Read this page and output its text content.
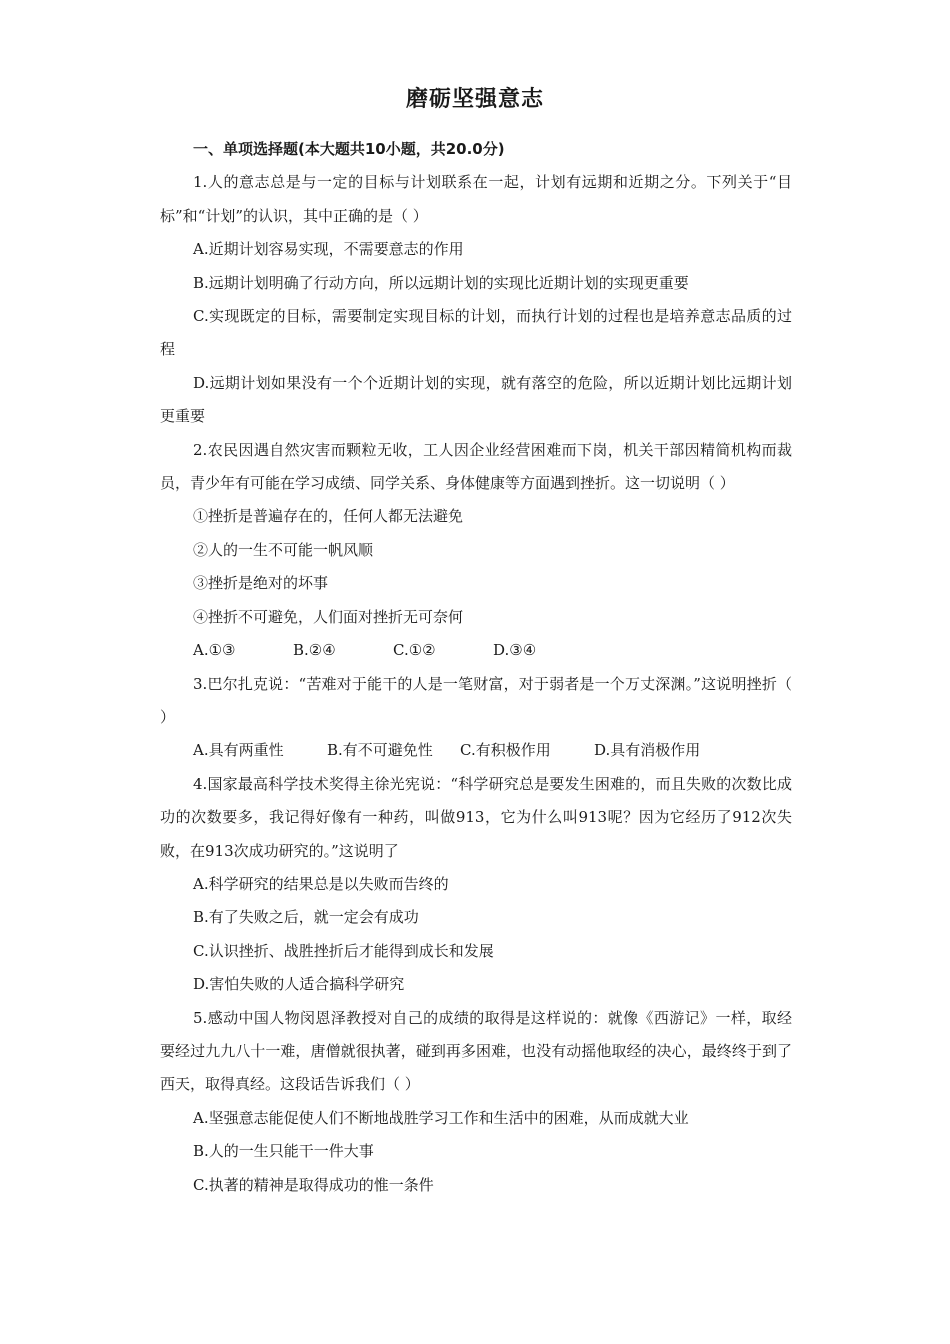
磨砺坚强意志
一、单项选择题(本大题共10小题，共20.0分)
1.人的意志总是与一定的目标与计划联系在一起，计划有远期和近期之分。下列关于“目标”和“计划”的认识，其中正确的是（ ）
A.近期计划容易实现，不需要意志的作用
B.远期计划明确了行动方向，所以远期计划的实现比近期计划的实现更重要
C.实现既定的目标，需要制定实现目标的计划，而执行计划的过程也是培养意志品质的过程
D.远期计划如果没有一个个近期计划的实现，就有落空的危险，所以近期计划比远期计划更重要
2.农民因遇自然灾害而颗粒无收，工人因企业经营困难而下岗，机关干部因精简机构而裁员，青少年有可能在学习成绩、同学关系、身体健康等方面遇到挫折。这一切说明（ ）
①挫折是普遍存在的，任何人都无法避免
②人的一生不可能一帆风顺
③挫折是绝对的坏事
④挫折不可避免，人们面对挫折无可奈何
A.①③	B.②④	C.①②	D.③④
3.巴尔扎克说：“苦难对于能干的人是一笔财富，对于弱者是一个万丈深渊。”这说明挫折（ ）
A.具有两重性	B.有不可避免性 C.有积极作用	D.具有消极作用
4.国家最高科学技术奖得主徐光宪说：“科学研究总是要发生困难的，而且失败的次数比成功的次数要多，我记得好像有一种药，叫做913，它为什么叫913呢？因为它经历了912次失败，在913次成功研究的。”这说明了
A.科学研究的结果总是以失败而告终的
B.有了失败之后，就一定会有成功
C.认识挫折、战胜挫折后才能得到成长和发展
D.害怕失败的人适合搞科学研究
5.感动中国人物闵恩泽教授对自己的成绩的取得是这样说的：就像《西游记》一样，取经要经过九九八十一难，唐僧就很执著，碰到再多困难，也没有动摇他取经的决心，最终终于到了西天，取得真经。这段话告诉我们（ ）
A.坚强意志能促使人们不断地战胜学习工作和生活中的困难，从而成就大业
B.人的一生只能干一件大事
C.执著的精神是取得成功的惟一条件
